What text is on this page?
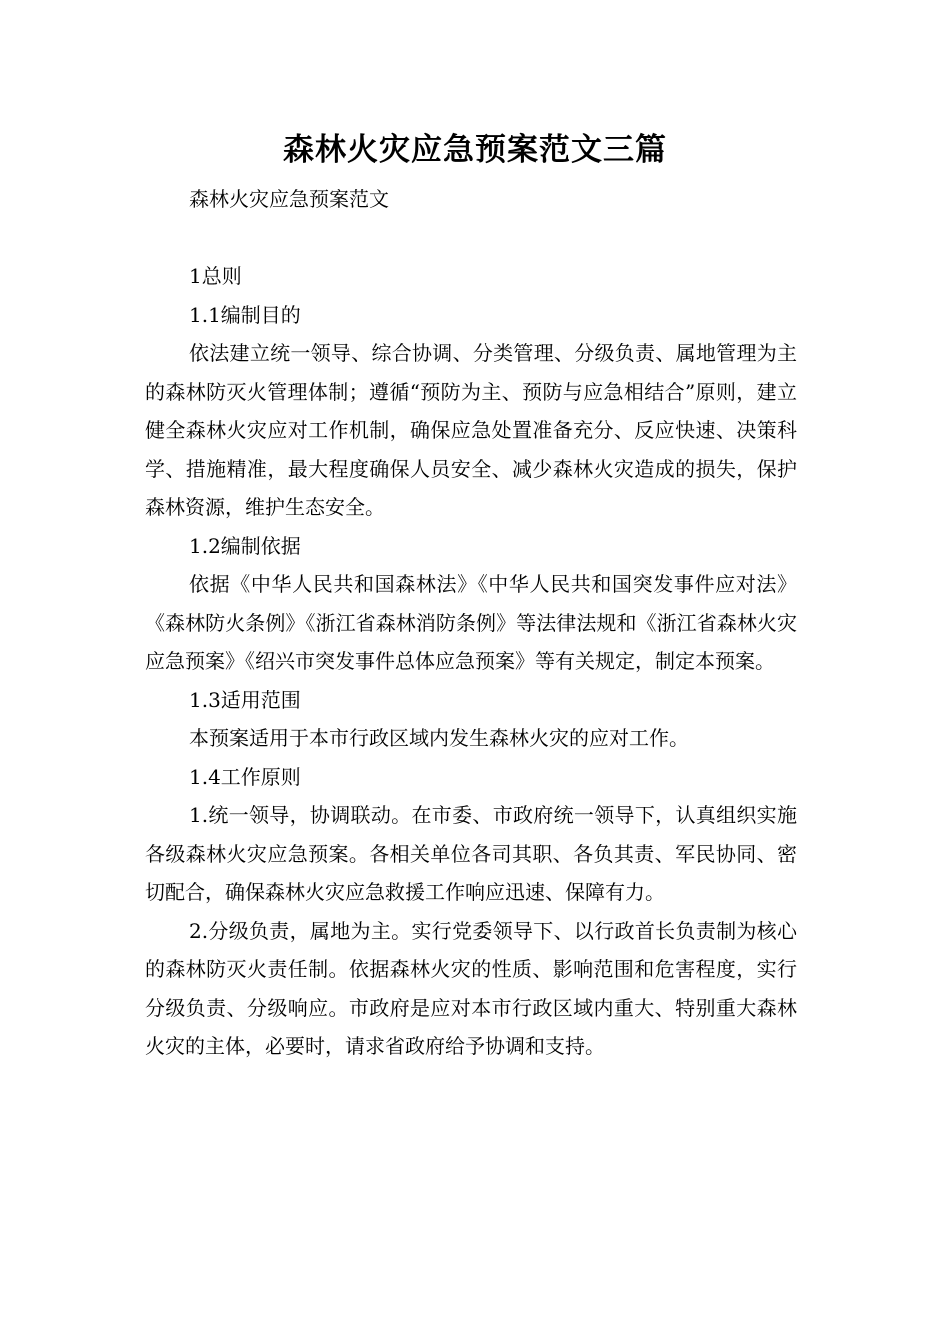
森林火灾应急预案范文三篇

森林火灾应急预案范文

1总则

1.1编制目的

依法建立统一领导、综合协调、分类管理、分级负责、属地管理为主的森林防灭火管理体制；遵循“预防为主、预防与应急相结合”原则，建立健全森林火灾应对工作机制，确保应急处置准备充分、反应快速、决策科学、措施精准，最大程度确保人员安全、减少森林火灾造成的损失，保护森林资源，维护生态安全。

1.2编制依据

依据《中华人民共和国森林法》《中华人民共和国突发事件应对法》《森林防火条例》《浙江省森林消防条例》等法律法规和《浙江省森林火灾应急预案》《绍兴市突发事件总体应急预案》等有关规定，制定本预案。

1.3适用范围

本预案适用于本市行政区域内发生森林火灾的应对工作。

1.4工作原则

1.统一领导，协调联动。在市委、市政府统一领导下，认真组织实施各级森林火灾应急预案。各相关单位各司其职、各负其责、军民协同、密切配合，确保森林火灾应急救援工作响应迅速、保障有力。

2.分级负责，属地为主。实行党委领导下、以行政首长负责制为核心的森林防灭火责任制。依据森林火灾的性质、影响范围和危害程度，实行分级负责、分级响应。市政府是应对本市行政区域内重大、特别重大森林火灾的主体，必要时，请求省政府给予协调和支持。
